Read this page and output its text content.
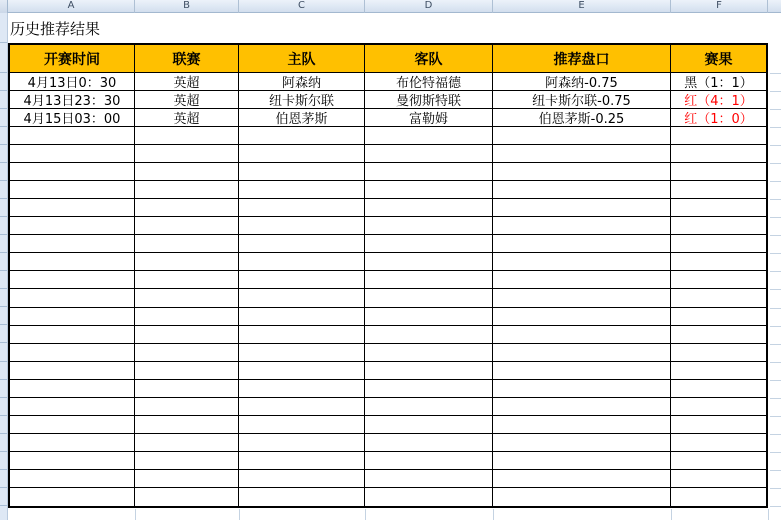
A	B	C	D	E	F
历史推荐结果
开赛时间	联赛	主队	客队	推荐盘口	赛果
4月13日0：30	英超	阿森纳	布伦特福德	阿森纳-0.75	黑（1：1）
4月13日23：30	英超	纽卡斯尔联	曼彻斯特联	纽卡斯尔联-0.75	红（4：1）
4月15日03：00	英超	伯恩茅斯	富勒姆	伯恩茅斯-0.25	红（1：0）
